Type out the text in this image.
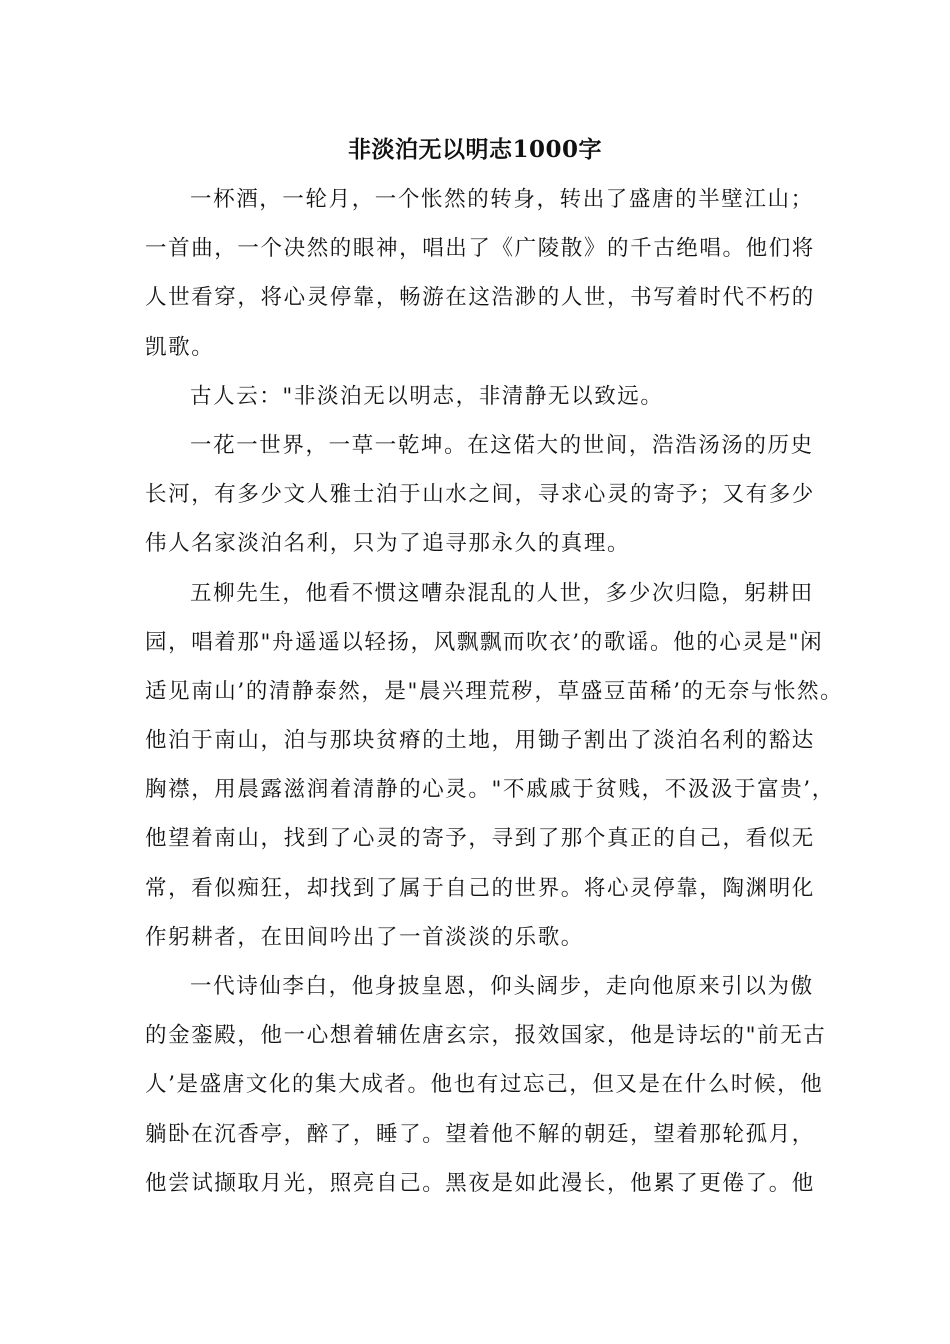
非淡泊无以明志1000字
一杯酒，一轮月，一个怅然的转身，转出了盛唐的半壁江山；
一首曲，一个决然的眼神，唱出了《广陵散》的千古绝唱。他们将
人世看穿，将心灵停靠，畅游在这浩渺的人世，书写着时代不朽的
凯歌。
古人云："非淡泊无以明志，非清静无以致远。
一花一世界，一草一乾坤。在这偌大的世间，浩浩汤汤的历史
长河，有多少文人雅士泊于山水之间，寻求心灵的寄予；又有多少
伟人名家淡泊名利，只为了追寻那永久的真理。
五柳先生，他看不惯这嘈杂混乱的人世，多少次归隐，躬耕田
园，唱着那"舟遥遥以轻扬，风飘飘而吹衣’的歌谣。他的心灵是"闲
适见南山’的清静泰然，是"晨兴理荒秽，草盛豆苗稀’的无奈与怅然。
他泊于南山，泊与那块贫瘠的土地，用锄子割出了淡泊名利的豁达
胸襟，用晨露滋润着清静的心灵。"不戚戚于贫贱，不汲汲于富贵’，
他望着南山，找到了心灵的寄予，寻到了那个真正的自己，看似无
常，看似痴狂，却找到了属于自己的世界。将心灵停靠，陶渊明化
作躬耕者，在田间吟出了一首淡淡的乐歌。
一代诗仙李白，他身披皇恩，仰头阔步，走向他原来引以为傲
的金銮殿，他一心想着辅佐唐玄宗，报效国家，他是诗坛的"前无古
人’是盛唐文化的集大成者。他也有过忘己，但又是在什么时候，他
躺卧在沉香亭，醉了，睡了。望着他不解的朝廷，望着那轮孤月，
他尝试撷取月光，照亮自己。黑夜是如此漫长，他累了更倦了。他
